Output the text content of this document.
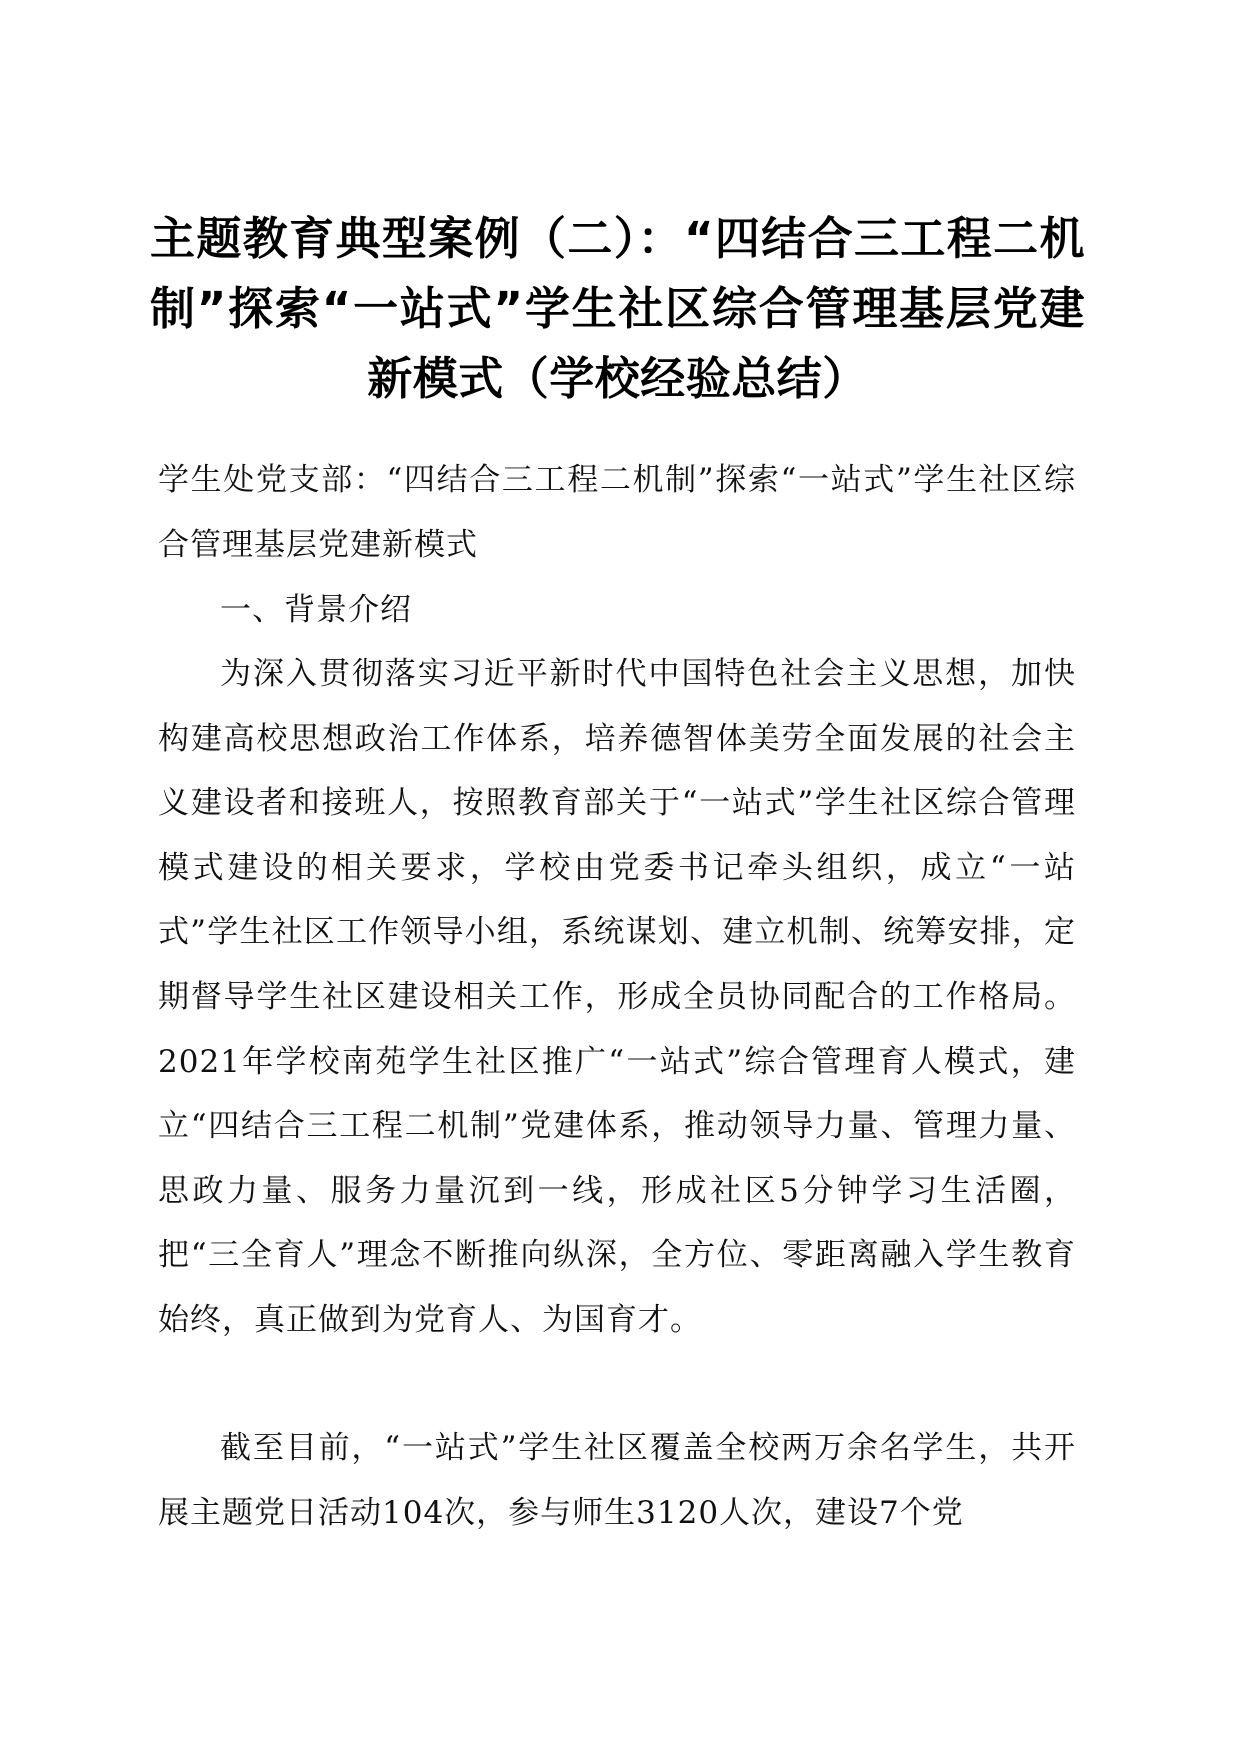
主题教育典型案例（二）：“四结合三工程二机制”探索“一站式”学生社区综合管理基层党建新模式（学校经验总结）

学生处党支部：“四结合三工程二机制”探索“一站式”学生社区综合管理基层党建新模式

一、背景介绍

为深入贯彻落实习近平新时代中国特色社会主义思想，加快构建高校思想政治工作体系，培养德智体美劳全面发展的社会主义建设者和接班人，按照教育部关于“一站式”学生社区综合管理模式建设的相关要求，学校由党委书记牵头组织，成立“一站式”学生社区工作领导小组，系统谋划、建立机制、统筹安排，定期督导学生社区建设相关工作，形成全员协同配合的工作格局。2021年学校南苑学生社区推广“一站式”综合管理育人模式，建立“四结合三工程二机制”党建体系，推动领导力量、管理力量、思政力量、服务力量沉到一线，形成社区5分钟学习生活圈，把“三全育人”理念不断推向纵深，全方位、零距离融入学生教育始终，真正做到为党育人、为国育才。

截至目前，“一站式”学生社区覆盖全校两万余名学生，共开展主题党日活动104次，参与师生3120人次，建设7个党
